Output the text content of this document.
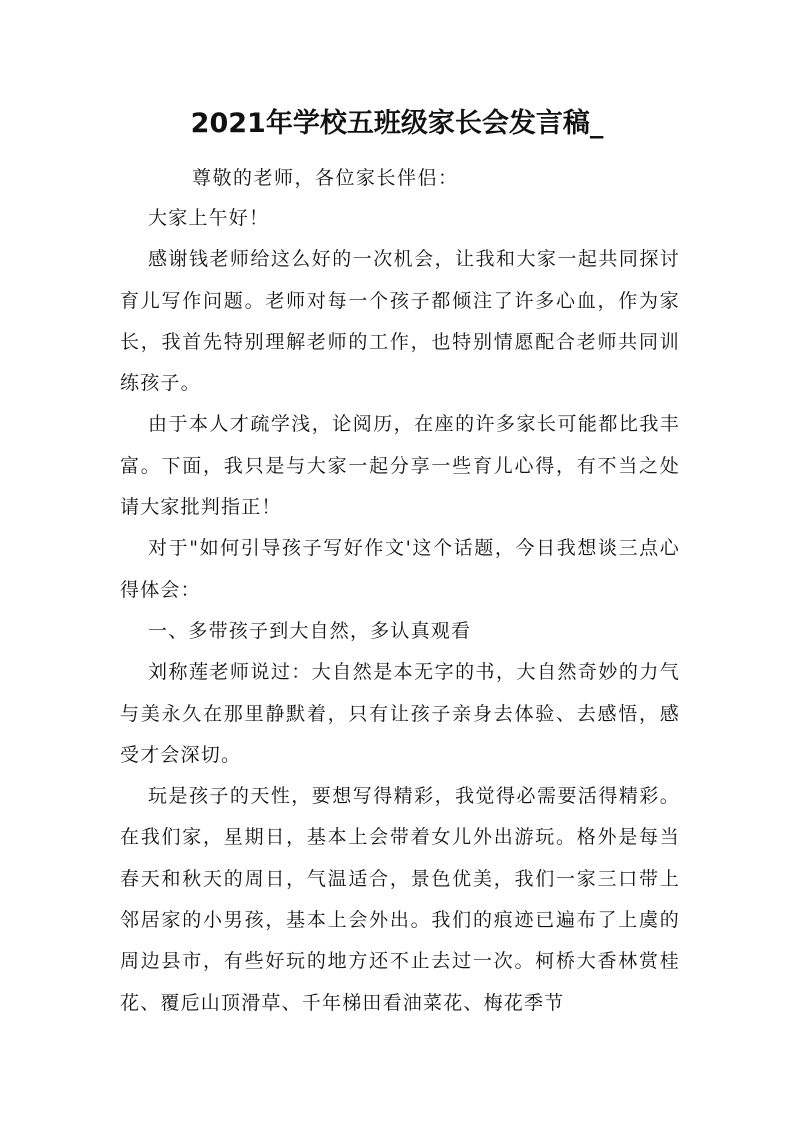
2021年学校五班级家长会发言稿_
尊敬的老师，各位家长伴侣：

大家上午好！

感谢钱老师给这么好的一次机会，让我和大家一起共同探讨育儿写作问题。老师对每一个孩子都倾注了许多心血，作为家长，我首先特别理解老师的工作，也特别情愿配合老师共同训练孩子。

由于本人才疏学浅，论阅历，在座的许多家长可能都比我丰富。下面，我只是与大家一起分享一些育儿心得，有不当之处请大家批判指正！

对于"如何引导孩子写好作文'这个话题，今日我想谈三点心得体会：

一、多带孩子到大自然，多认真观看

刘称莲老师说过：大自然是本无字的书，大自然奇妙的力气与美永久在那里静默着，只有让孩子亲身去体验、去感悟，感受才会深切。

玩是孩子的天性，要想写得精彩，我觉得必需要活得精彩。在我们家，星期日，基本上会带着女儿外出游玩。格外是每当春天和秋天的周日，气温适合，景色优美，我们一家三口带上邻居家的小男孩，基本上会外出。我们的痕迹已遍布了上虞的周边县市，有些好玩的地方还不止去过一次。柯桥大香林赏桂花、覆卮山顶滑草、千年梯田看油菜花、梅花季节
